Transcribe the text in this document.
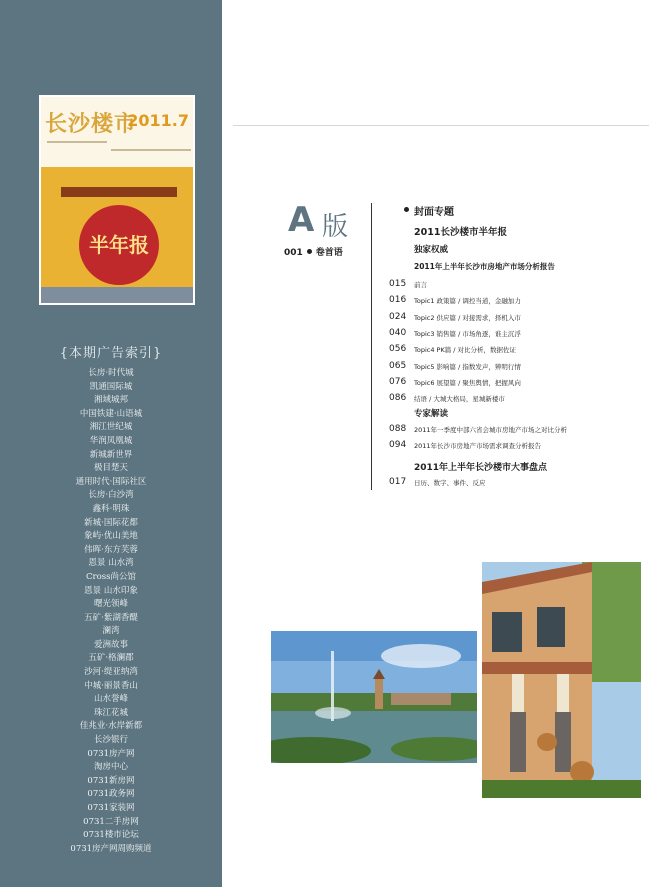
长沙楼市
2011.7
半年报
{本期广告索引}
长房·时代城
凯通国际城
湘域城邦
中国铁建·山语城
湘江世纪城
华润凤凰城
新城新世界
极目楚天
通用时代·国际社区
长房·白沙湾
鑫科·明珠
新城·国际花都
象屿·优山美地
伟晖·东方芙蓉
恩景 山水湾
Cross尚公馆
恩景 山水印象
曙光领峰
五矿·紫湖香醍
澜湾
爱洲故事
五矿·格澜郡
沙河·缇亚纳湾
中城·丽景香山
山水誉峰
珠江花城
佳兆业·水岸新都
长沙银行
0731房产网
淘房中心
0731新房网
0731政务网
0731家装网
0731二手房网
0731楼市论坛
0731房产网周购频道
A 版
001 卷首语
封面专题
2011长沙楼市半年报
独家权威
2011年上半年长沙市房地产市场分析报告
015 前言
016 Topic1 政策篇 / 调控当道，金融加力
024 Topic2 供应篇 / 对接需求，择机入市
040 Topic3 销售篇 / 市场角逐，谁主沉浮
056 Topic4 PK篇 / 对比分析，数据佐证
065 Topic5 影响篇 / 指数发声，辨明行情
076 Topic6 展望篇 / 聚焦舆情，把握风向
086 结语 / 大城大格局，星城新楼市
专家解读
088 2011年一季度中部六省会城市房地产市场之对比分析
094 2011年长沙市房地产市场需求调查分析报告
2011年上半年长沙楼市大事盘点
017 日历、数字、事件、反应
